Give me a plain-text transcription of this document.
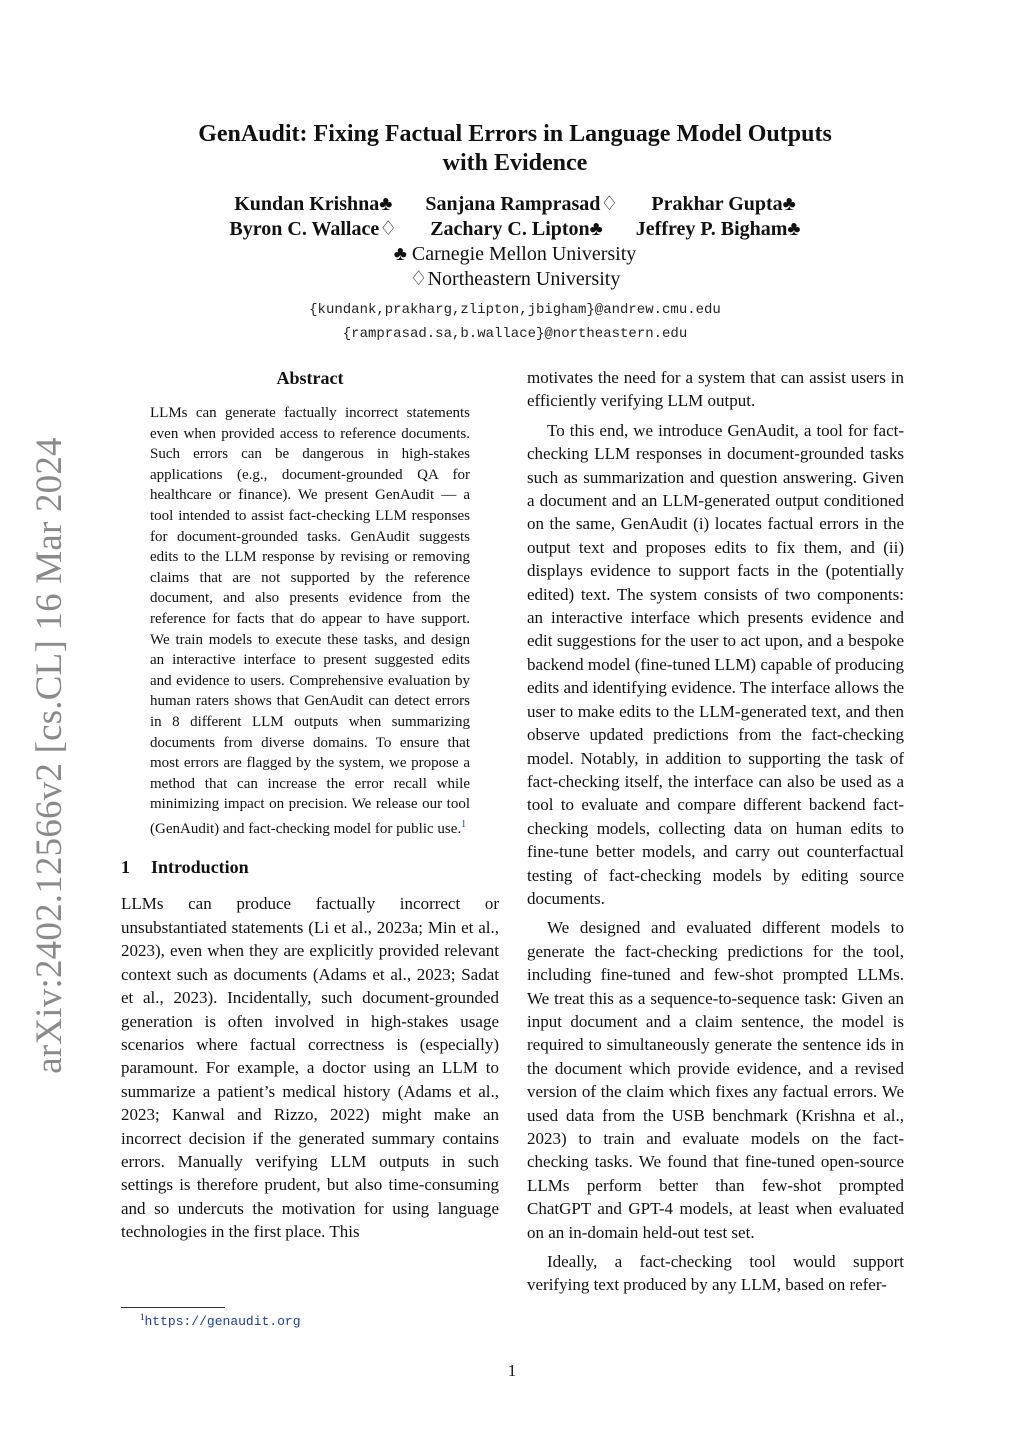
arXiv:2402.12566v2 [cs.CL] 16 Mar 2024
GenAudit: Fixing Factual Errors in Language Model Outputs
with Evidence
Kundan Krishna♣ Sanjana Ramprasad♢ Prakhar Gupta♣
Byron C. Wallace♢ Zachary C. Lipton♣ Jeffrey P. Bigham♣
♣ Carnegie Mellon University
♢Northeastern University
{kundank,prakharg,zlipton,jbigham}@andrew.cmu.edu
{ramprasad.sa,b.wallace}@northeastern.edu
Abstract
LLMs can generate factually incorrect statements even when provided access to reference documents. Such errors can be dangerous in high-stakes applications (e.g., document-grounded QA for healthcare or finance). We present GenAudit — a tool intended to assist fact-checking LLM responses for document-grounded tasks. GenAudit suggests edits to the LLM response by revising or removing claims that are not supported by the reference document, and also presents evidence from the reference for facts that do appear to have support. We train models to execute these tasks, and design an interactive interface to present suggested edits and evidence to users. Comprehensive evaluation by human raters shows that GenAudit can detect errors in 8 different LLM outputs when summarizing documents from diverse domains. To ensure that most errors are flagged by the system, we propose a method that can increase the error recall while minimizing impact on precision. We release our tool (GenAudit) and fact-checking model for public use.$^1$
1 Introduction
LLMs can produce factually incorrect or unsubstantiated statements (Li et al., 2023a; Min et al., 2023), even when they are explicitly provided relevant context such as documents (Adams et al., 2023; Sadat et al., 2023). Incidentally, such document-grounded generation is often involved in high-stakes usage scenarios where factual correctness is (especially) paramount. For example, a doctor using an LLM to summarize a patient’s medical history (Adams et al., 2023; Kanwal and Rizzo, 2022) might make an incorrect decision if the generated summary contains errors. Manually verifying LLM outputs in such settings is therefore prudent, but also time-consuming and so undercuts the motivation for using language technologies in the first place. This

motivates the need for a system that can assist users in efficiently verifying LLM output.

To this end, we introduce GenAudit, a tool for fact-checking LLM responses in document-grounded tasks such as summarization and question answering. Given a document and an LLM-generated output conditioned on the same, GenAudit (i) locates factual errors in the output text and proposes edits to fix them, and (ii) displays evidence to support facts in the (potentially edited) text. The system consists of two components: an interactive interface which presents evidence and edit suggestions for the user to act upon, and a bespoke backend model (fine-tuned LLM) capable of producing edits and identifying evidence. The interface allows the user to make edits to the LLM-generated text, and then observe updated predictions from the fact-checking model. Notably, in addition to supporting the task of fact-checking itself, the interface can also be used as a tool to evaluate and compare different backend fact-checking models, collecting data on human edits to fine-tune better models, and carry out counterfactual testing of fact-checking models by editing source documents.

We designed and evaluated different models to generate the fact-checking predictions for the tool, including fine-tuned and few-shot prompted LLMs. We treat this as a sequence-to-sequence task: Given an input document and a claim sentence, the model is required to simultaneously generate the sentence ids in the document which provide evidence, and a revised version of the claim which fixes any factual errors. We used data from the USB benchmark (Krishna et al., 2023) to train and evaluate models on the fact-checking tasks. We found that fine-tuned open-source LLMs perform better than few-shot prompted ChatGPT and GPT-4 models, at least when evaluated on an in-domain held-out test set.

Ideally, a fact-checking tool would support verifying text produced by any LLM, based on refer-

$^1$https://genaudit.org
1
